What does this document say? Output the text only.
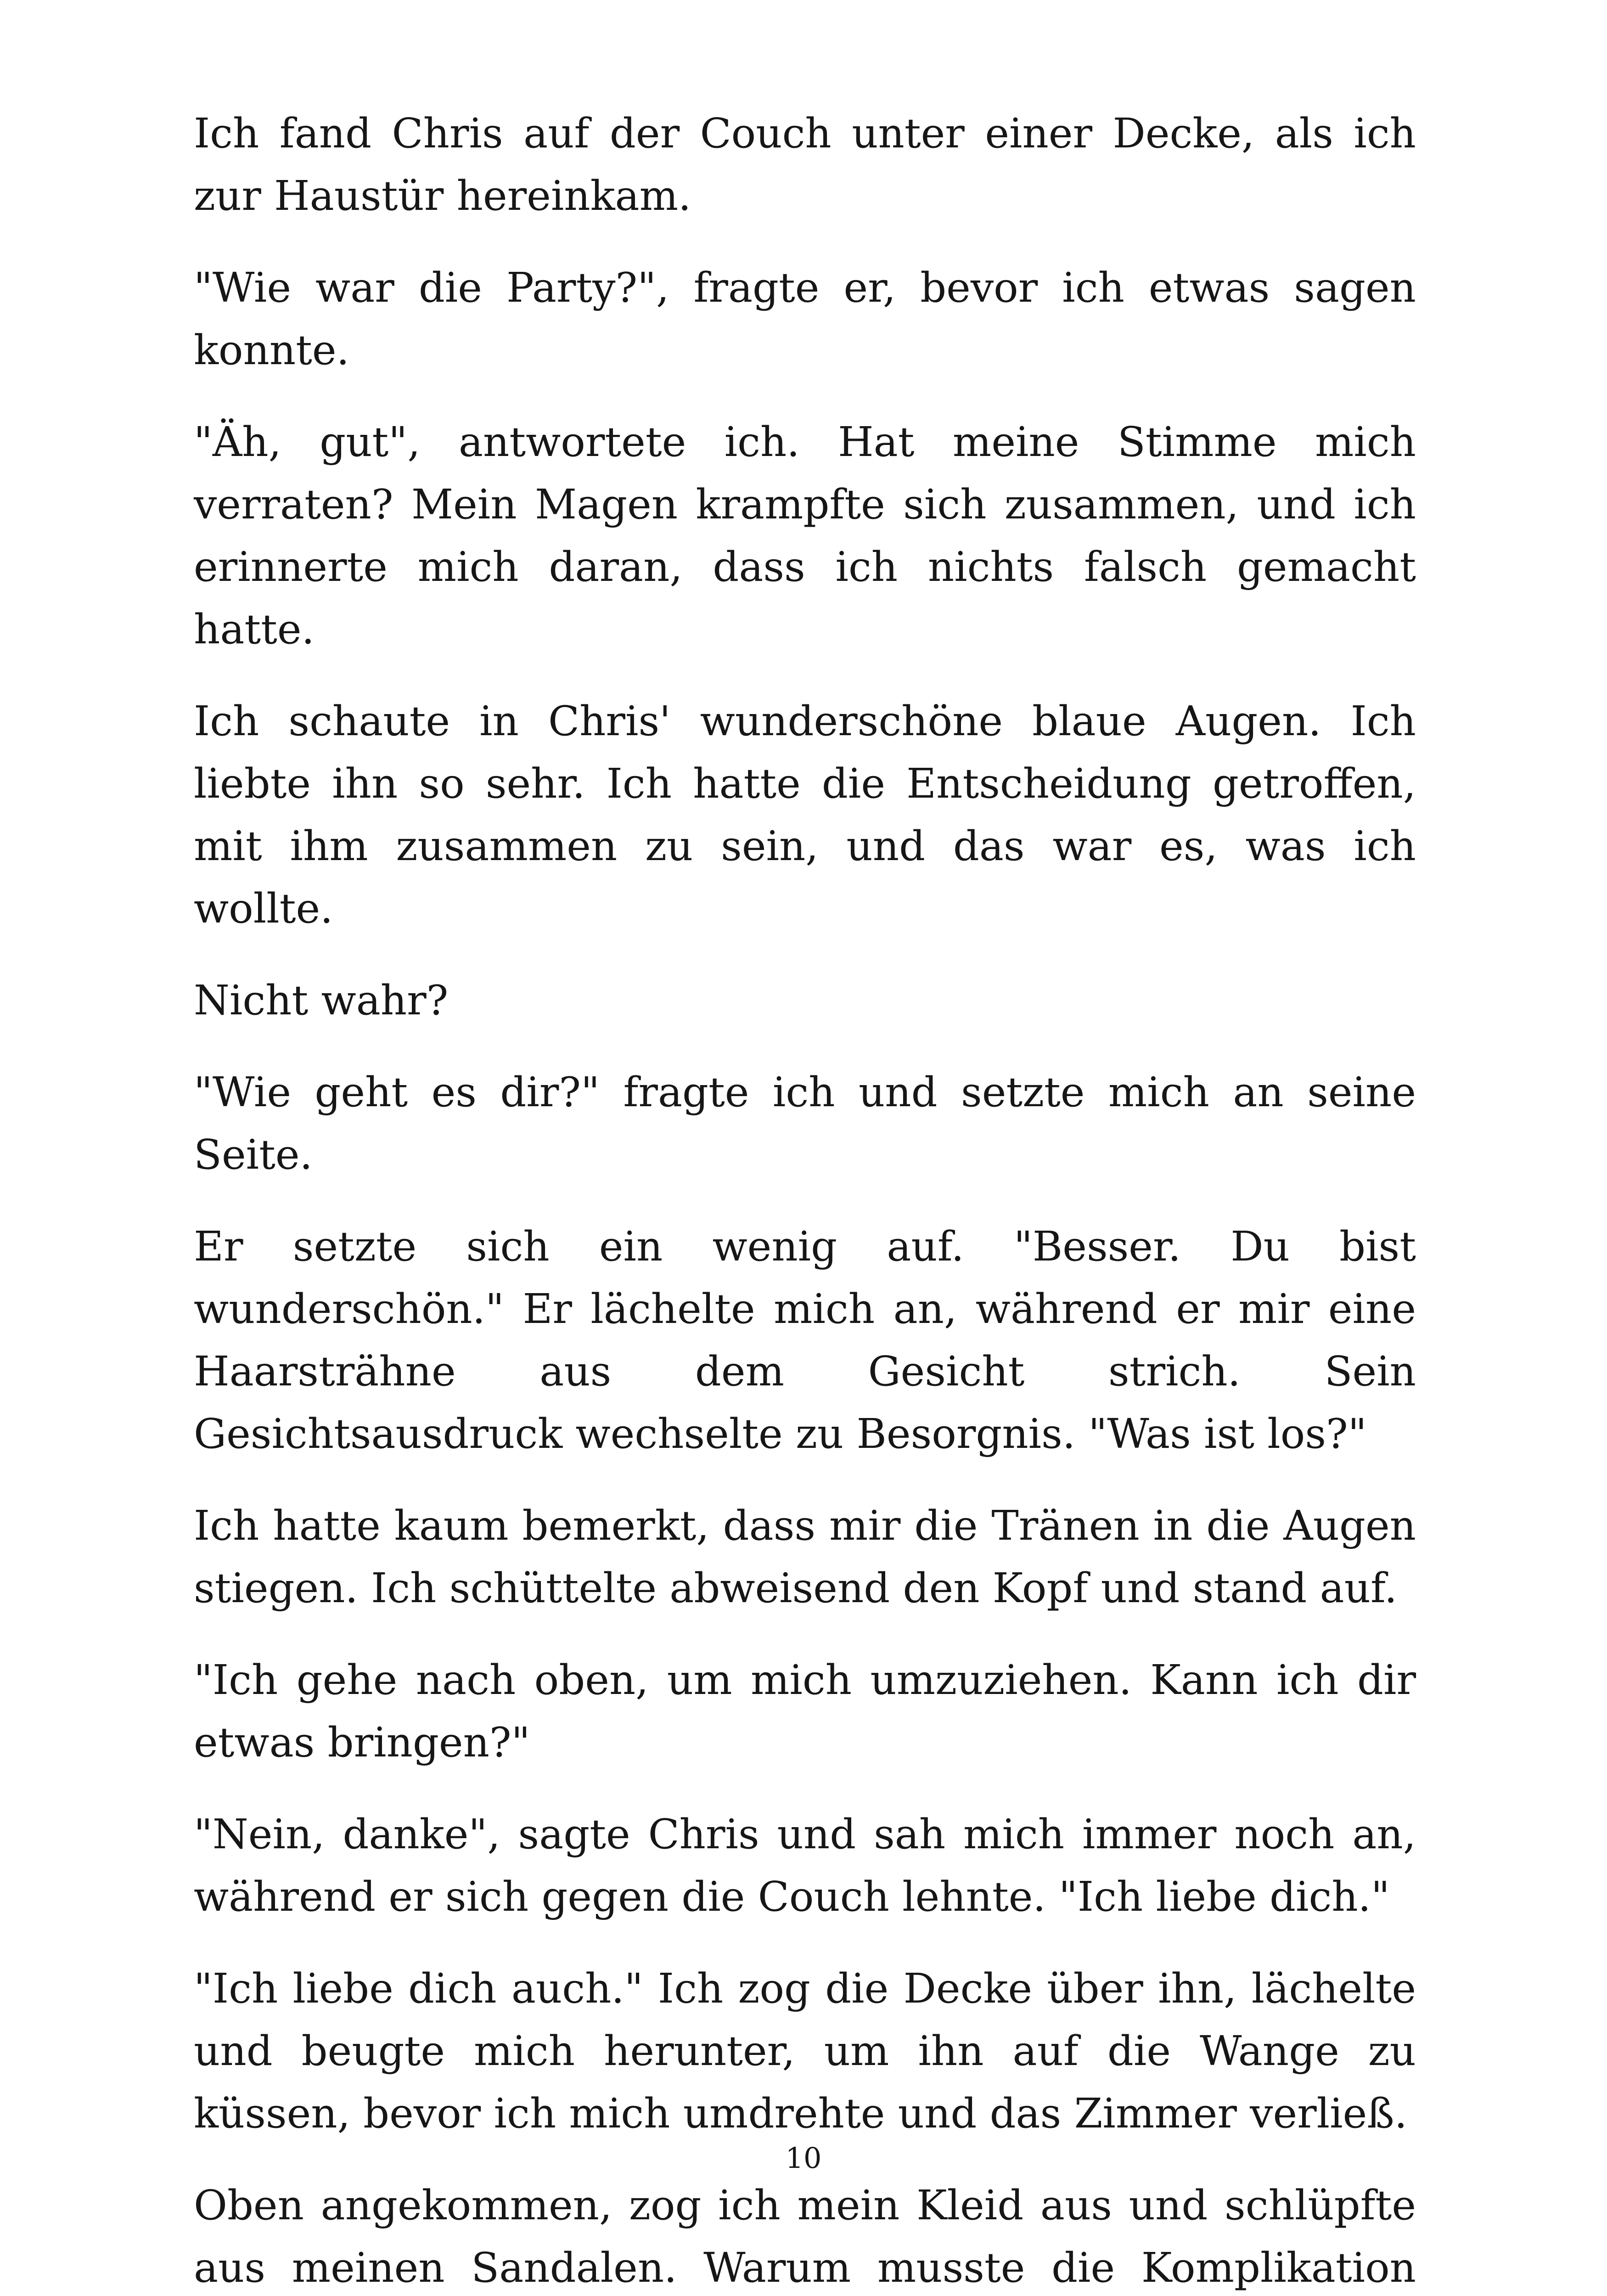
Ich fand Chris auf der Couch unter einer Decke, als ich zur Haustür hereinkam.

"Wie war die Party?", fragte er, bevor ich etwas sagen konnte.

"Äh, gut", antwortete ich. Hat meine Stimme mich verraten? Mein Magen krampfte sich zusammen, und ich erinnerte mich daran, dass ich nichts falsch gemacht hatte.

Ich schaute in Chris' wunderschöne blaue Augen. Ich liebte ihn so sehr. Ich hatte die Entscheidung getroffen, mit ihm zusammen zu sein, und das war es, was ich wollte.

Nicht wahr?

"Wie geht es dir?" fragte ich und setzte mich an seine Seite.

Er setzte sich ein wenig auf. "Besser. Du bist wunderschön." Er lächelte mich an, während er mir eine Haarsträhne aus dem Gesicht strich. Sein Gesichtsausdruck wechselte zu Besorgnis. "Was ist los?"

Ich hatte kaum bemerkt, dass mir die Tränen in die Augen stiegen. Ich schüttelte abweisend den Kopf und stand auf.

"Ich gehe nach oben, um mich umzuziehen. Kann ich dir etwas bringen?"

"Nein, danke", sagte Chris und sah mich immer noch an, während er sich gegen die Couch lehnte. "Ich liebe dich."

"Ich liebe dich auch." Ich zog die Decke über ihn, lächelte und beugte mich herunter, um ihn auf die Wange zu küssen, bevor ich mich umdrehte und das Zimmer verließ.

Oben angekommen, zog ich mein Kleid aus und schlüpfte aus meinen Sandalen. Warum musste die Komplikation

10
